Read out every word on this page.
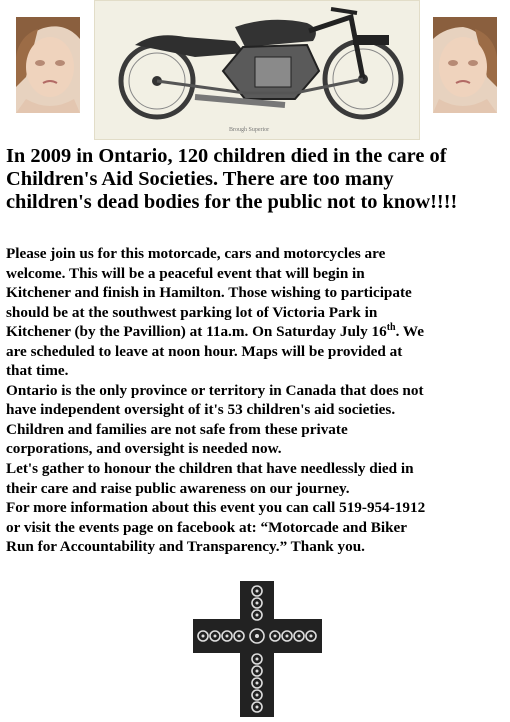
Brough Superior
In 2009 in Ontario, 120 children died in the care of
Children's Aid Societies. There are too many
children's dead bodies for the public not to know!!!!
Please join us for this motorcade, cars and motorcycles are
welcome. This will be a peaceful event that will begin in
Kitchener and finish in Hamilton. Those wishing to participate
should be at the southwest parking lot of Victoria Park in
Kitchener (by the Pavillion) at 11a.m. On Saturday July 16th. We
are scheduled to leave at noon hour. Maps will be provided at
that time.
Ontario is the only province or territory in Canada that does not
have independent oversight of it's 53 children's aid societies.
Children and families are not safe from these private
corporations, and oversight is needed now.
Let's gather to honour the children that have needlessly died in
their care and raise public awareness on our journey.
For more information about this event you can call 519-954-1912
or visit the events page on facebook at: “Motorcade and Biker
Run for Accountability and Transparency.” Thank you.
